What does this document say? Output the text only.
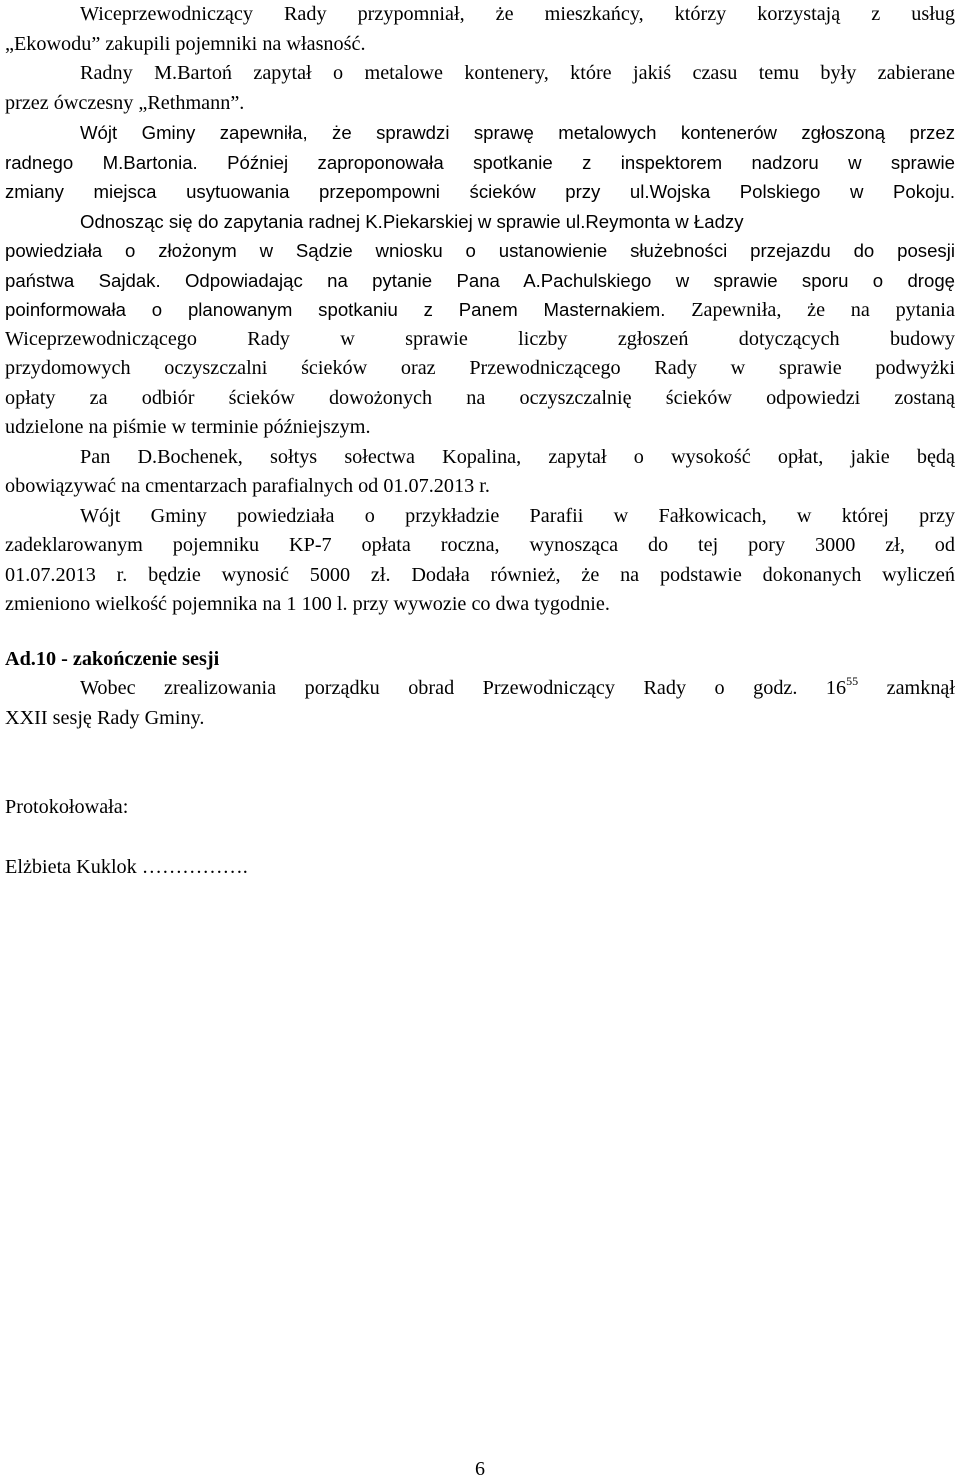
Wiceprzewodniczący Rady przypomniał, że mieszkańcy, którzy korzystają z usług
„Ekowodu” zakupili pojemniki na własność.
Radny M.Bartoń zapytał o metalowe kontenery, które jakiś czasu temu były zabierane
przez ówczesny „Rethmann”.
Wójt Gminy zapewniła, że sprawdzi sprawę metalowych kontenerów zgłoszoną przez
radnego M.Bartonia. Później zaproponowała spotkanie z inspektorem nadzoru w sprawie
zmiany miejsca usytuowania przepompowni ścieków przy ul.Wojska Polskiego w Pokoju.
Odnosząc się do zapytania radnej K.Piekarskiej w sprawie ul.Reymonta w Ładzy
powiedziała o złożonym w Sądzie wniosku o ustanowienie służebności przejazdu do posesji
państwa Sajdak. Odpowiadając na pytanie Pana A.Pachulskiego w sprawie sporu o drogę
poinformowała o planowanym spotkaniu z Panem Masternakiem. Zapewniła, że na pytania
Wiceprzewodniczącego Rady w sprawie liczby zgłoszeń dotyczących budowy
przydomowych oczyszczalni ścieków oraz Przewodniczącego Rady w sprawie podwyżki
opłaty za odbiór ścieków dowożonych na oczyszczalnię ścieków odpowiedzi zostaną
udzielone na piśmie w terminie późniejszym.
Pan D.Bochenek, sołtys sołectwa Kopalina, zapytał o wysokość opłat, jakie będą
obowiązywać na cmentarzach parafialnych od 01.07.2013 r.
Wójt Gminy powiedziała o przykładzie Parafii w Fałkowicach, w której przy
zadeklarowanym pojemniku KP-7 opłata roczna, wynosząca do tej pory 3000 zł, od
01.07.2013 r. będzie wynosić 5000 zł. Dodała również, że na podstawie dokonanych wyliczeń
zmieniono wielkość pojemnika na 1 100 l. przy wywozie co dwa tygodnie.
Ad.10 - zakończenie sesji
Wobec zrealizowania porządku obrad Przewodniczący Rady o godz. $16^{55}$ zamknął
XXII sesję Rady Gminy.
Protokołowała:
Elżbieta Kuklok …………….
6
